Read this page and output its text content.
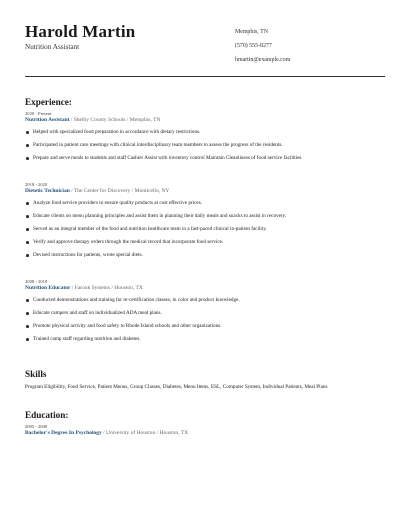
Harold Martin
Nutrition Assistant
Memphis, TN
(570) 555-8277
hmartin@example.com
Experience:
2020 - Present
Nutrition Assistant / Shelby County Schools / Memphis, TN
Helped with specialized food preparation in accordance with dietary restrictions.
Participated in patient care meetings with clinical interdisciplinary team members to assess the progress of the residents.
Prepare and serve meals to students and staff Cashier Assist with inventory control Maintain Cleanliness of food service facilities
2018 - 2020
Dietetic Technician / The Center for Discovery / Monticello, NY
Analyze food service providers to ensure quality products at cost effective prices.
Educate clients on menu planning principles and assist them in planning their daily meals and snacks to assist in recovery.
Served as an integral member of the food and nutrition healthcare team in a fast-paced clinical in-patient facility.
Verify and approve therapy orders through the medical record that incorporate food service.
Devised instructions for patients, wrote special diets.
2008 - 2018
Nutrition Educator / Farouk Systems / Houston, TX
Conducted demonstrations and training for re-certification classes, in color and product knowledge.
Educate campers and staff on individualized ADA meal plans.
Promote physical activity and food safety to Rhode Island schools and other organizations.
Trained camp staff regarding nutrition and diabetes.
Skills
Program Eligibility, Food Service, Patient Menus, Group Classes, Diabetes, Menu Items, ESL, Computer System, Individual Patients, Meal Plans
Education:
2005 - 2008
Bachelor's Degree In Psychology / University of Houston / Houston, TX
